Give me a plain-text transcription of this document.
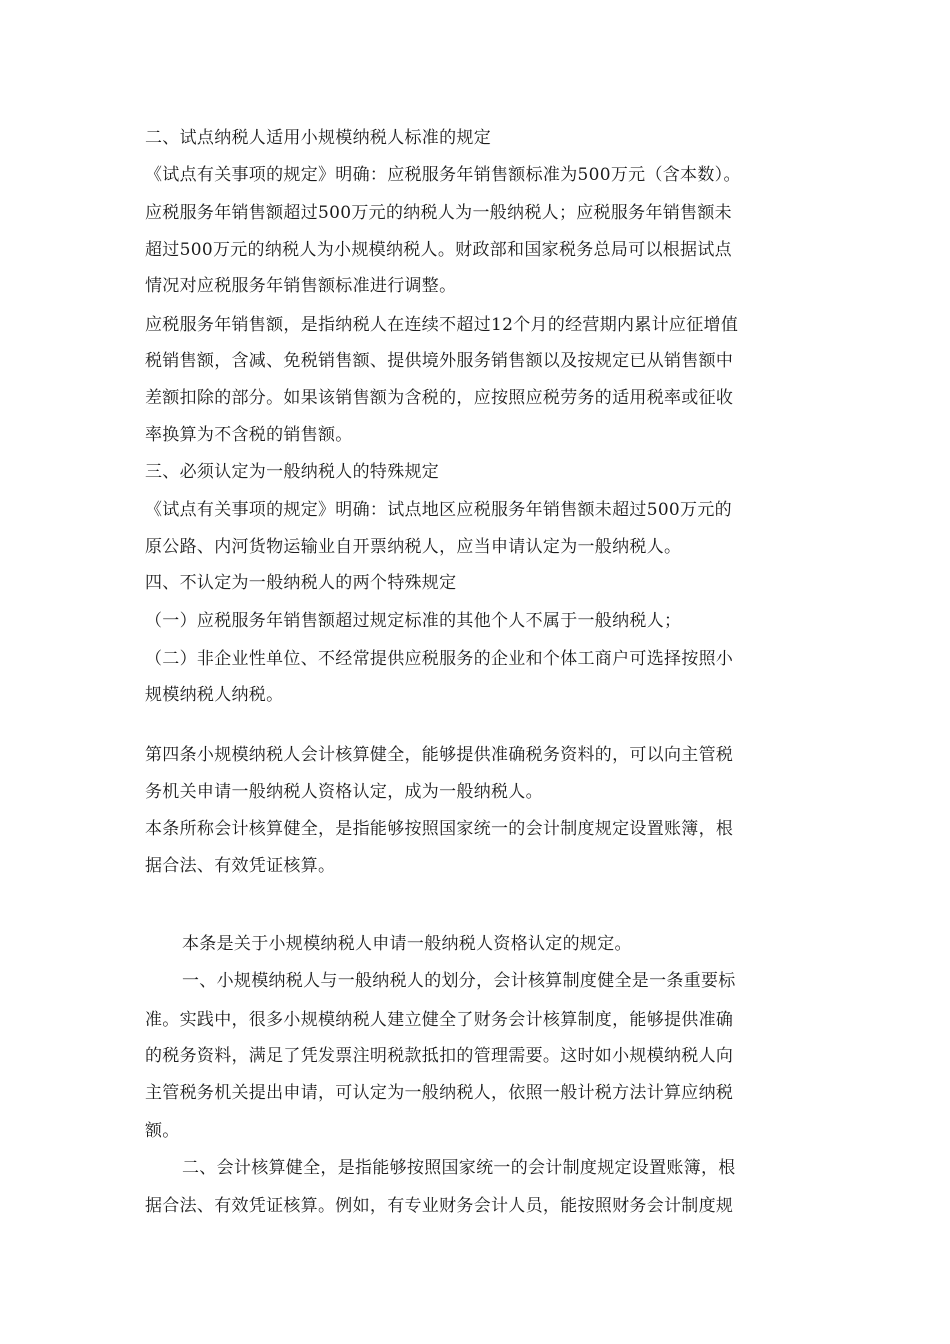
二、试点纳税人适用小规模纳税人标准的规定
《试点有关事项的规定》明确：应税服务年销售额标准为500万元（含本数）。
应税服务年销售额超过500万元的纳税人为一般纳税人；应税服务年销售额未
超过500万元的纳税人为小规模纳税人。财政部和国家税务总局可以根据试点
情况对应税服务年销售额标准进行调整。
应税服务年销售额，是指纳税人在连续不超过12个月的经营期内累计应征增值
税销售额，含减、免税销售额、提供境外服务销售额以及按规定已从销售额中
差额扣除的部分。如果该销售额为含税的，应按照应税劳务的适用税率或征收
率换算为不含税的销售额。
三、必须认定为一般纳税人的特殊规定
《试点有关事项的规定》明确：试点地区应税服务年销售额未超过500万元的
原公路、内河货物运输业自开票纳税人，应当申请认定为一般纳税人。
四、不认定为一般纳税人的两个特殊规定
（一）应税服务年销售额超过规定标准的其他个人不属于一般纳税人；
（二）非企业性单位、不经常提供应税服务的企业和个体工商户可选择按照小
规模纳税人纳税。
第四条小规模纳税人会计核算健全，能够提供准确税务资料的，可以向主管税
务机关申请一般纳税人资格认定，成为一般纳税人。
本条所称会计核算健全，是指能够按照国家统一的会计制度规定设置账簿，根
据合法、有效凭证核算。
本条是关于小规模纳税人申请一般纳税人资格认定的规定。
一、小规模纳税人与一般纳税人的划分，会计核算制度健全是一条重要标
准。实践中，很多小规模纳税人建立健全了财务会计核算制度，能够提供准确
的税务资料，满足了凭发票注明税款抵扣的管理需要。这时如小规模纳税人向
主管税务机关提出申请，可认定为一般纳税人，依照一般计税方法计算应纳税
额。
二、会计核算健全，是指能够按照国家统一的会计制度规定设置账簿，根
据合法、有效凭证核算。例如，有专业财务会计人员，能按照财务会计制度规
